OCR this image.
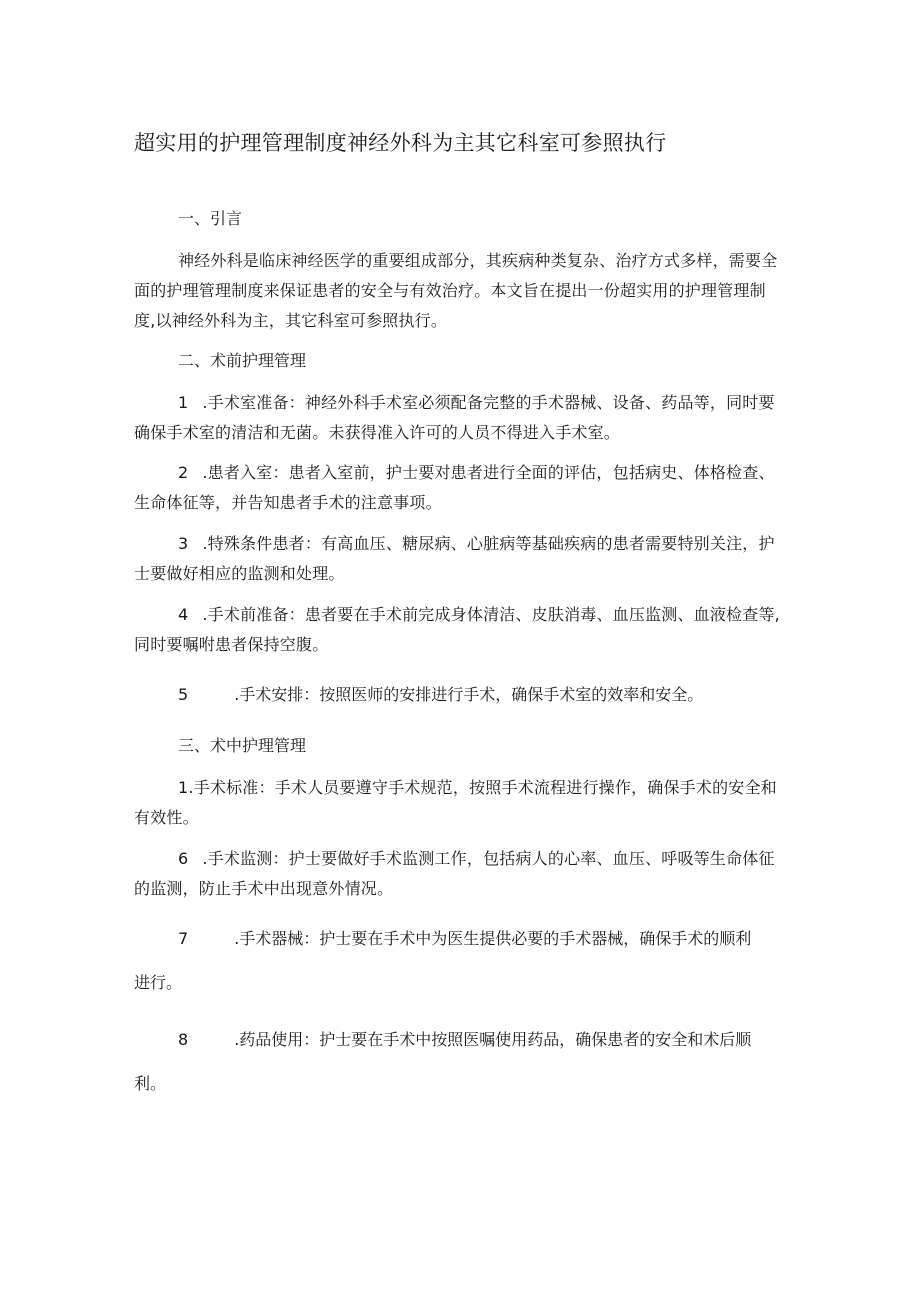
超实用的护理管理制度神经外科为主其它科室可参照执行
一、引言
神经外科是临床神经医学的重要组成部分，其疾病种类复杂、治疗方式多样，需要全面的护理管理制度来保证患者的安全与有效治疗。本文旨在提出一份超实用的护理管理制度,以神经外科为主，其它科室可参照执行。
二、术前护理管理
1 .手术室准备：神经外科手术室必须配备完整的手术器械、设备、药品等，同时要确保手术室的清洁和无菌。未获得准入许可的人员不得进入手术室。
2 .患者入室：患者入室前，护士要对患者进行全面的评估，包括病史、体格检查、生命体征等，并告知患者手术的注意事项。
3 .特殊条件患者：有高血压、糖尿病、心脏病等基础疾病的患者需要特别关注，护士要做好相应的监测和处理。
4 .手术前准备：患者要在手术前完成身体清洁、皮肤消毒、血压监测、血液检查等,同时要嘱咐患者保持空腹。
5	.手术安排：按照医师的安排进行手术，确保手术室的效率和安全。
三、术中护理管理
1.手术标准：手术人员要遵守手术规范，按照手术流程进行操作，确保手术的安全和有效性。
6 .手术监测：护士要做好手术监测工作，包括病人的心率、血压、呼吸等生命体征的监测，防止手术中出现意外情况。
7	.手术器械：护士要在手术中为医生提供必要的手术器械，确保手术的顺利
进行。
8	.药品使用：护士要在手术中按照医嘱使用药品，确保患者的安全和术后顺
利。
